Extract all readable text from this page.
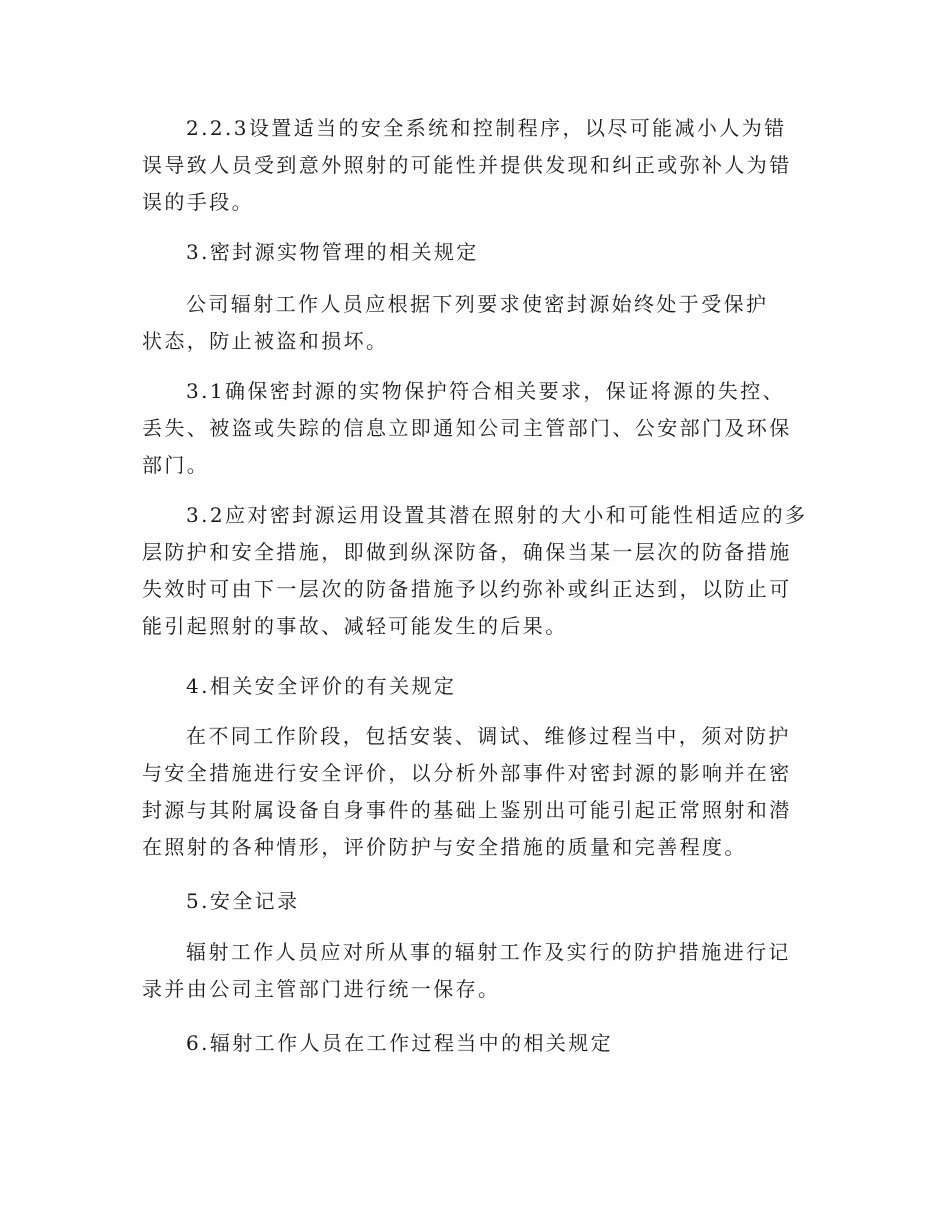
2.2.3设置适当的安全系统和控制程序，以尽可能减小人为错误导致人员受到意外照射的可能性并提供发现和纠正或弥补人为错误的手段。

3.密封源实物管理的相关规定

公司辐射工作人员应根据下列要求使密封源始终处于受保护状态，防止被盗和损坏。

3.1确保密封源的实物保护符合相关要求，保证将源的失控、丢失、被盗或失踪的信息立即通知公司主管部门、公安部门及环保部门。

3.2应对密封源运用设置其潜在照射的大小和可能性相适应的多层防护和安全措施，即做到纵深防备，确保当某一层次的防备措施失效时可由下一层次的防备措施予以约弥补或纠正达到，以防止可能引起照射的事故、减轻可能发生的后果。

4.相关安全评价的有关规定

在不同工作阶段，包括安装、调试、维修过程当中，须对防护与安全措施进行安全评价，以分析外部事件对密封源的影响并在密封源与其附属设备自身事件的基础上鉴别出可能引起正常照射和潜在照射的各种情形，评价防护与安全措施的质量和完善程度。

5.安全记录

辐射工作人员应对所从事的辐射工作及实行的防护措施进行记录并由公司主管部门进行统一保存。

6.辐射工作人员在工作过程当中的相关规定
